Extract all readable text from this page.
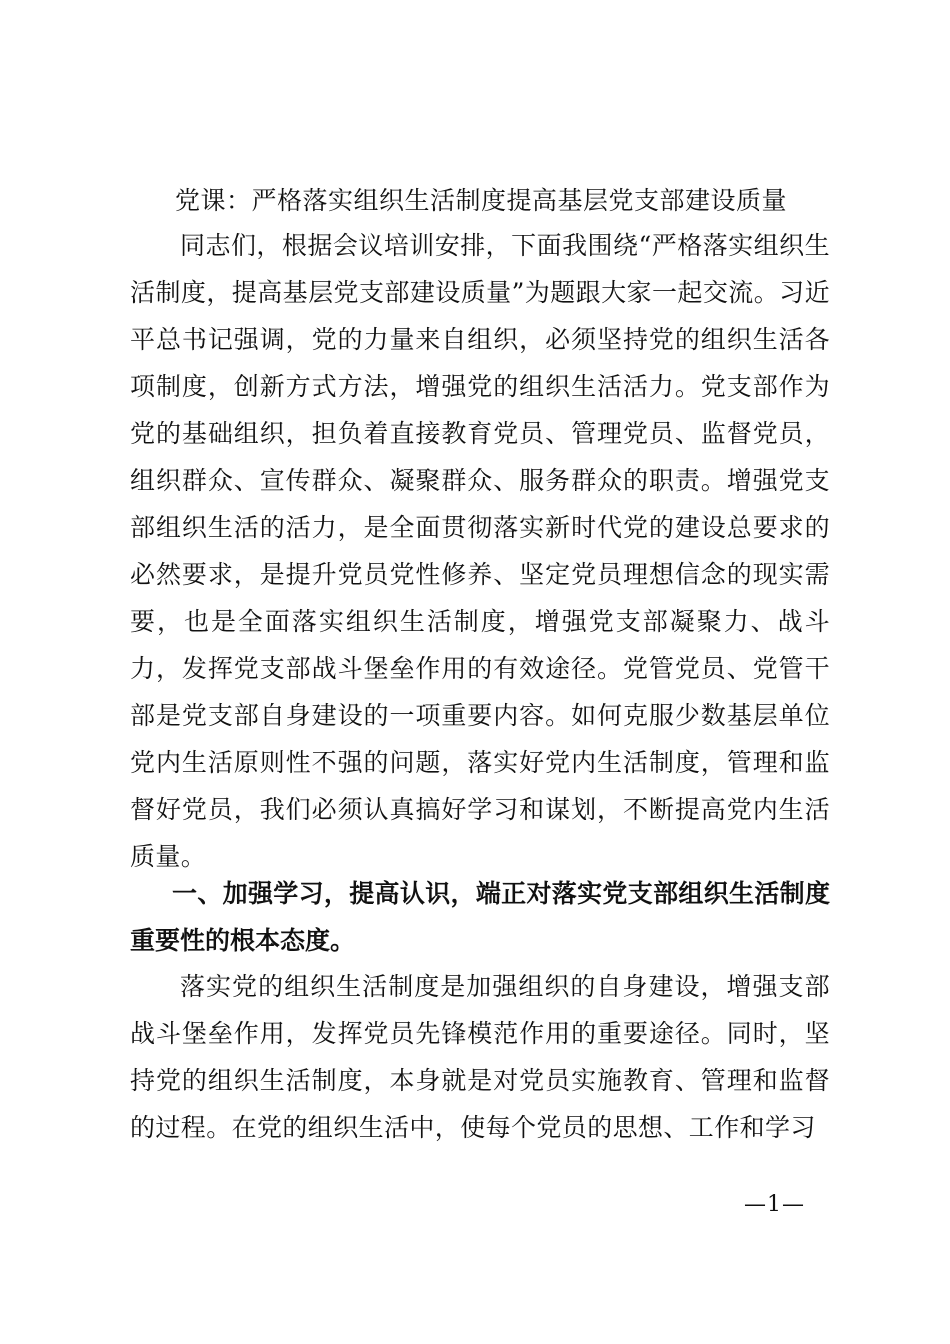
党课：严格落实组织生活制度提高基层党支部建设质量

同志们，根据会议培训安排，下面我围绕“严格落实组织生活制度，提高基层党支部建设质量”为题跟大家一起交流。习近平总书记强调，党的力量来自组织，必须坚持党的组织生活各项制度，创新方式方法，增强党的组织生活活力。党支部作为党的基础组织，担负着直接教育党员、管理党员、监督党员，组织群众、宣传群众、凝聚群众、服务群众的职责。增强党支部组织生活的活力，是全面贯彻落实新时代党的建设总要求的必然要求，是提升党员党性修养、坚定党员理想信念的现实需要，也是全面落实组织生活制度，增强党支部凝聚力、战斗力，发挥党支部战斗堡垒作用的有效途径。党管党员、党管干部是党支部自身建设的一项重要内容。如何克服少数基层单位党内生活原则性不强的问题，落实好党内生活制度，管理和监督好党员，我们必须认真搞好学习和谋划，不断提高党内生活质量。

一、加强学习，提高认识，端正对落实党支部组织生活制度重要性的根本态度。

落实党的组织生活制度是加强组织的自身建设，增强支部战斗堡垒作用，发挥党员先锋模范作用的重要途径。同时，坚持党的组织生活制度，本身就是对党员实施教育、管理和监督的过程。在党的组织生活中，使每个党员的思想、工作和学习

—1—
